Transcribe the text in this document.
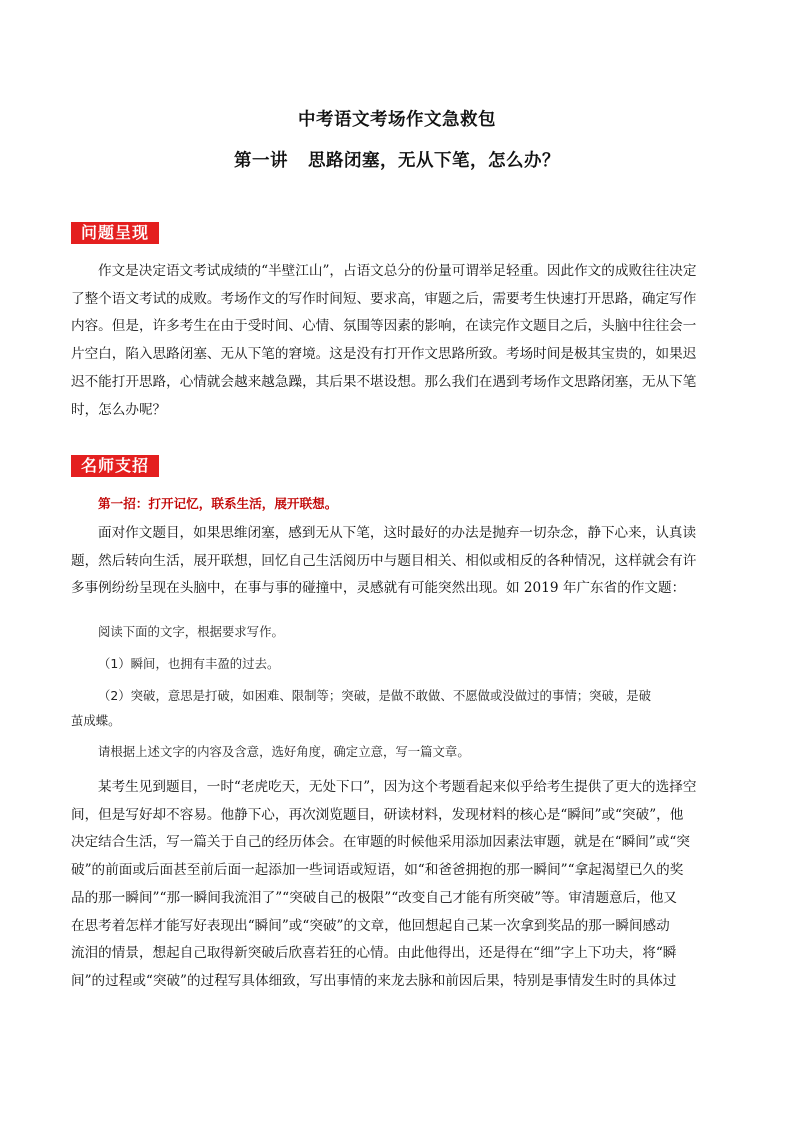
中考语文考场作文急救包
第一讲 思路闭塞，无从下笔，怎么办？
问题呈现
作文是决定语文考试成绩的“半壁江山”，占语文总分的份量可谓举足轻重。因此作文的成败往往决定
了整个语文考试的成败。考场作文的写作时间短、要求高，审题之后，需要考生快速打开思路，确定写作
内容。但是，许多考生在由于受时间、心情、氛围等因素的影响，在读完作文题目之后，头脑中往往会一
片空白，陷入思路闭塞、无从下笔的窘境。这是没有打开作文思路所致。考场时间是极其宝贵的，如果迟
迟不能打开思路，心情就会越来越急躁，其后果不堪设想。那么我们在遇到考场作文思路闭塞，无从下笔
时，怎么办呢？
名师支招
第一招：打开记忆，联系生活，展开联想。
面对作文题目，如果思维闭塞，感到无从下笔，这时最好的办法是抛弃一切杂念，静下心来，认真读
题，然后转向生活，展开联想，回忆自己生活阅历中与题目相关、相似或相反的各种情况，这样就会有许
多事例纷纷呈现在头脑中，在事与事的碰撞中，灵感就有可能突然出现。如 2019 年广东省的作文题：
阅读下面的文字，根据要求写作。
（1）瞬间，也拥有丰盈的过去。
（2）突破，意思是打破，如困难、限制等；突破，是做不敢做、不愿做或没做过的事情；突破，是破
茧成蝶。
请根据上述文字的内容及含意，选好角度，确定立意，写一篇文章。
某考生见到题目，一时“老虎吃天，无处下口”，因为这个考题看起来似乎给考生提供了更大的选择空
间，但是写好却不容易。他静下心，再次浏览题目，研读材料，发现材料的核心是“瞬间”或“突破”，他
决定结合生活，写一篇关于自己的经历体会。在审题的时候他采用添加因素法审题，就是在“瞬间”或“突
破”的前面或后面甚至前后面一起添加一些词语或短语，如“和爸爸拥抱的那一瞬间”“拿起渴望已久的奖
品的那一瞬间”“那一瞬间我流泪了”“突破自己的极限”“改变自己才能有所突破”等。审清题意后，他又
在思考着怎样才能写好表现出“瞬间”或“突破”的文章，他回想起自己某一次拿到奖品的那一瞬间感动
流泪的情景，想起自己取得新突破后欣喜若狂的心情。由此他得出，还是得在“细”字上下功夫，将“瞬
间”的过程或“突破”的过程写具体细致，写出事情的来龙去脉和前因后果，特别是事情发生时的具体过
